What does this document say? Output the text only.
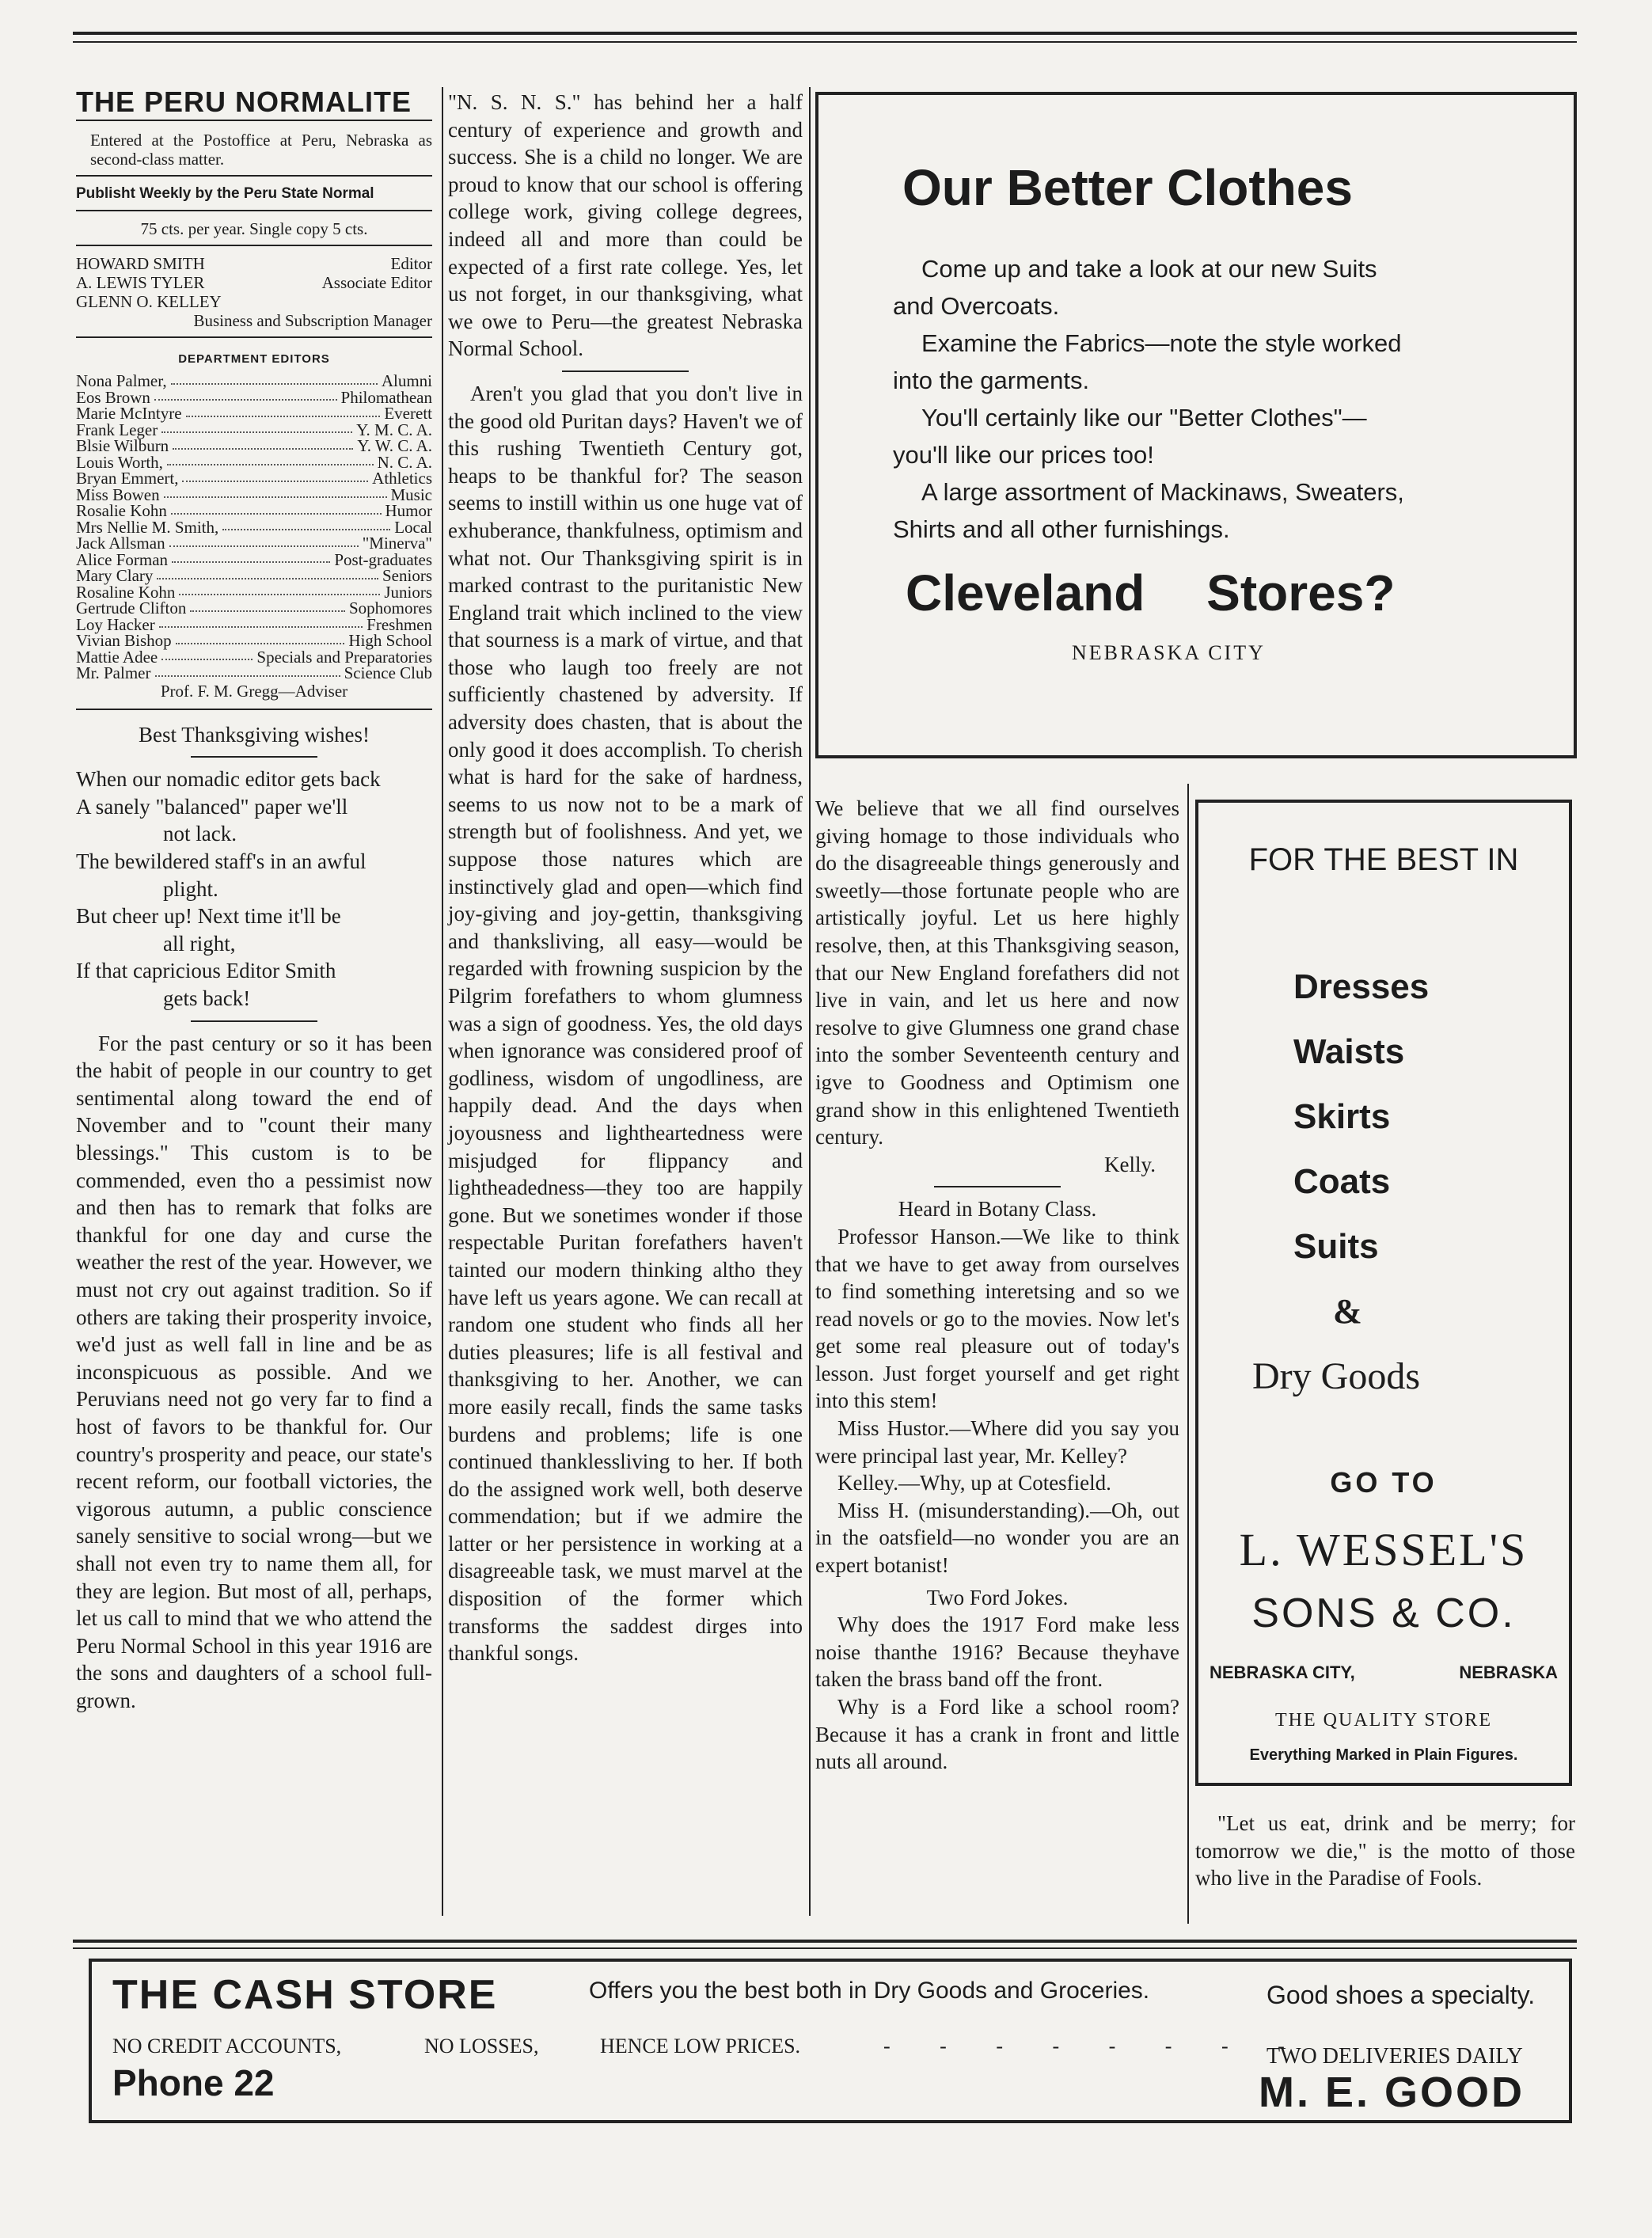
THE PERU NORMALITE
Entered at the Postoffice at Peru, Nebraska as second-class matter.
Publisht Weekly by the Peru State Normal
75 cts. per year. Single copy 5 cts.
HOWARD SMITH	Editor
A. LEWIS TYLER	Associate Editor
GLENN O. KELLEY
Business and Subscription Manager
DEPARTMENT EDITORS
Nona Palmer,	Alumni
Eos Brown	Philomathean
Marie McIntyre	Everett
Frank Leger	Y. M. C. A.
Blsie Wilburn	Y. W. C. A.
Louis Worth,	N. C. A.
Bryan Emmert,	Athletics
Miss Bowen	Music
Rosalie Kohn	Humor
Mrs Nellie M. Smith,	Local
Jack Allsman	"Minerva"
Alice Forman	Post-graduates
Mary Clary	Seniors
Rosaline Kohn	Juniors
Gertrude Clifton	Sophomores
Loy Hacker	Freshmen
Vivian Bishop	High School
Mattie Adee	Specials and Preparatories
Mr. Palmer	Science Club
Prof. F. M. Gregg—Adviser

Best Thanksgiving wishes!

When our nomadic editor gets back

A sanely "balanced" paper we'll

not lack.

The bewildered staff's in an awful

plight.

But cheer up! Next time it'll be

all right,

If that capricious Editor Smith

gets back!

For the past century or so it has been the habit of people in our country to get sentimental along toward the end of November and to "count their many blessings." This custom is to be commended, even tho a pessimist now and then has to remark that folks are thankful for one day and curse the weather the rest of the year. However, we must not cry out against tradition. So if others are taking their prosperity invoice, we'd just as well fall in line and be as inconspicuous as possible. And we Peruvians need not go very far to find a host of favors to be thankful for. Our country's prosperity and peace, our state's recent reform, our football victories, the vigorous autumn, a public conscience sanely sensitive to social wrong—but we shall not even try to name them all, for they are legion. But most of all, perhaps, let us call to mind that we who attend the Peru Normal School in this year 1916 are the sons and daughters of a school full-grown.

"N. S. N. S." has behind her a half century of experience and growth and success. She is a child no longer. We are proud to know that our school is offering college work, giving college degrees, indeed all and more than could be expected of a first rate college. Yes, let us not forget, in our thanksgiving, what we owe to Peru—the greatest Nebraska Normal School.

Aren't you glad that you don't live in the good old Puritan days? Haven't we of this rushing Twentieth Century got, heaps to be thankful for? The season seems to instill within us one huge vat of exhuberance, thankfulness, optimism and what not. Our Thanksgiving spirit is in marked contrast to the puritanistic New England trait which inclined to the view that sourness is a mark of virtue, and that those who laugh too freely are not sufficiently chastened by adversity. If adversity does chasten, that is about the only good it does accomplish. To cherish what is hard for the sake of hardness, seems to us now not to be a mark of strength but of foolishness. And yet, we suppose those natures which are instinctively glad and open—which find joy-giving and joy-gettin, thanksgiving and thanksliving, all easy—would be regarded with frowning suspicion by the Pilgrim forefathers to whom glumness was a sign of goodness. Yes, the old days when ignorance was considered proof of godliness, wisdom of ungodliness, are happily dead. And the days when joyousness and lightheartedness were misjudged for flippancy and lightheadedness—they too are happily gone. But we sonetimes wonder if those respectable Puritan forefathers haven't tainted our modern thinking altho they have left us years agone. We can recall at random one student who finds all her duties pleasures; life is all festival and thanksgiving to her. Another, we can more easily recall, finds the same tasks burdens and problems; life is one continued thanklessliving to her. If both do the assigned work well, both deserve commendation; but if we admire the latter or her persistence in working at a disagreeable task, we must marvel at the disposition of the former which transforms the saddest dirges into thankful songs.

Our Better Clothes
Come up and take a look at our new Suits
and Overcoats.
Examine the Fabrics—note the style worked
into the garments.
You'll certainly like our "Better Clothes"—
you'll like our prices too!
A large assortment of Mackinaws, Sweaters,
Shirts and all other furnishings.
Cleveland Stores?
NEBRASKA CITY

We believe that we all find ourselves giving homage to those individuals who do the disagreeable things generously and sweetly—those fortunate people who are artistically joyful. Let us here highly resolve, then, at this Thanksgiving season, that our New England forefathers did not live in vain, and let us here and now resolve to give Glumness one grand chase into the somber Seventeenth century and igve to Goodness and Optimism one grand show in this enlightened Twentieth century.

Kelly.

Heard in Botany Class.

Professor Hanson.—We like to think that we have to get away from ourselves to find something interetsing and so we read novels or go to the movies. Now let's get some real pleasure out of today's lesson. Just forget yourself and get right into this stem!

Miss Hustor.—Where did you say you were principal last year, Mr. Kelley?

Kelley.—Why, up at Cotesfield.

Miss H. (misunderstanding).—Oh, out in the oatsfield—no wonder you are an expert botanist!

Two Ford Jokes.

Why does the 1917 Ford make less noise thanthe 1916? Because theyhave taken the brass band off the front.

Why is a Ford like a school room? Because it has a crank in front and little nuts all around.

FOR THE BEST IN
Dresses
Waists
Skirts
Coats
Suits
&
Dry Goods
GO TO
L. WESSEL'S
SONS & CO.
NEBRASKA CITY,	NEBRASKA
THE QUALITY STORE
Everything Marked in Plain Figures.

"Let us eat, drink and be merry; for tomorrow we die," is the motto of those who live in the Paradise of Fools.

THE CASH STORE	Offers you the best both in Dry Goods and Groceries.	Good shoes a specialty.
NO CREDIT ACCOUNTS,	NO LOSSES,	HENCE LOW PRICES.	- - - - - - - -
TWO DELIVERIES DAILY
Phone 22	M. E. GOOD
